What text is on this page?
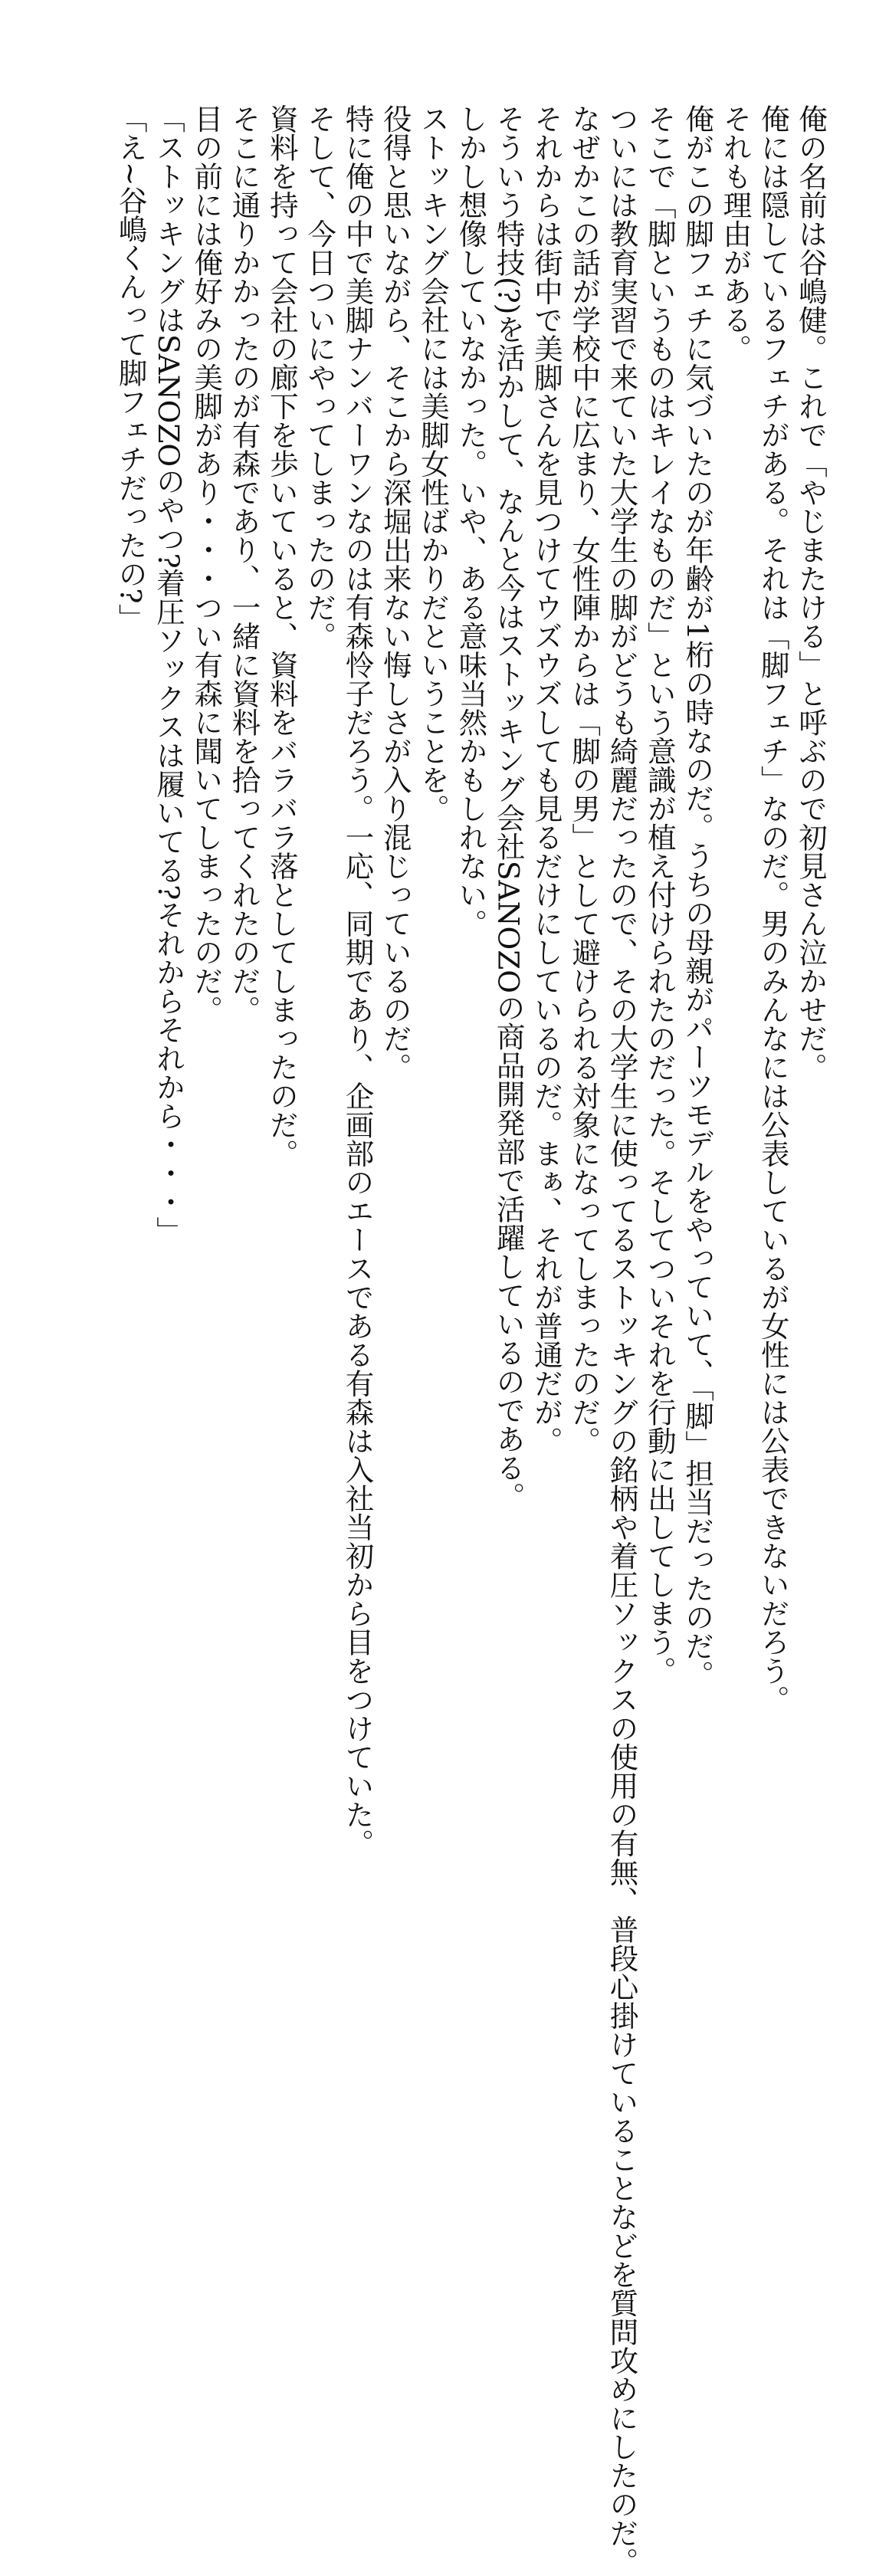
俺の名前は谷嶋健。これで「やじまたける」と呼ぶので初見さん泣かせだ。
俺には隠しているフェチがある。それは「脚フェチ」なのだ。男のみんなには公表しているが女性には公表できないだろう。
それも理由がある。
俺がこの脚フェチに気づいたのが年齢が1桁の時なのだ。うちの母親がパーツモデルをやっていて、「脚」担当だったのだ。
そこで「脚というものはキレイなものだ」という意識が植え付けられたのだった。そしてついそれを行動に出してしまう。
ついには教育実習で来ていた大学生の脚がどうも綺麗だったので、その大学生に使ってるストッキングの銘柄や着圧ソックスの使用の有無、普段心掛けていることなどを質問攻めにしたのだ。
なぜかこの話が学校中に広まり、女性陣からは「脚の男」として避けられる対象になってしまったのだ。
それからは街中で美脚さんを見つけてウズウズしても見るだけにしているのだ。まぁ、それが普通だが。
そういう特技(?)を活かして、なんと今はストッキング会社SANOZOの商品開発部で活躍しているのである。
しかし想像していなかった。いや、ある意味当然かもしれない。
ストッキング会社には美脚女性ばかりだということを。
役得と思いながら、そこから深堀出来ない悔しさが入り混じっているのだ。
特に俺の中で美脚ナンバーワンなのは有森怜子だろう。一応、同期であり、企画部のエースである有森は入社当初から目をつけていた。
そして、今日ついにやってしまったのだ。
資料を持って会社の廊下を歩いていると、資料をバラバラ落としてしまったのだ。
そこに通りかかったのが有森であり、一緒に資料を拾ってくれたのだ。
目の前には俺好みの美脚があり・・・つい有森に聞いてしまったのだ。
「ストッキングはSANOZOのやつ?着圧ソックスは履いてる?それからそれから・・・」
「え~谷嶋くんって脚フェチだったの?」
